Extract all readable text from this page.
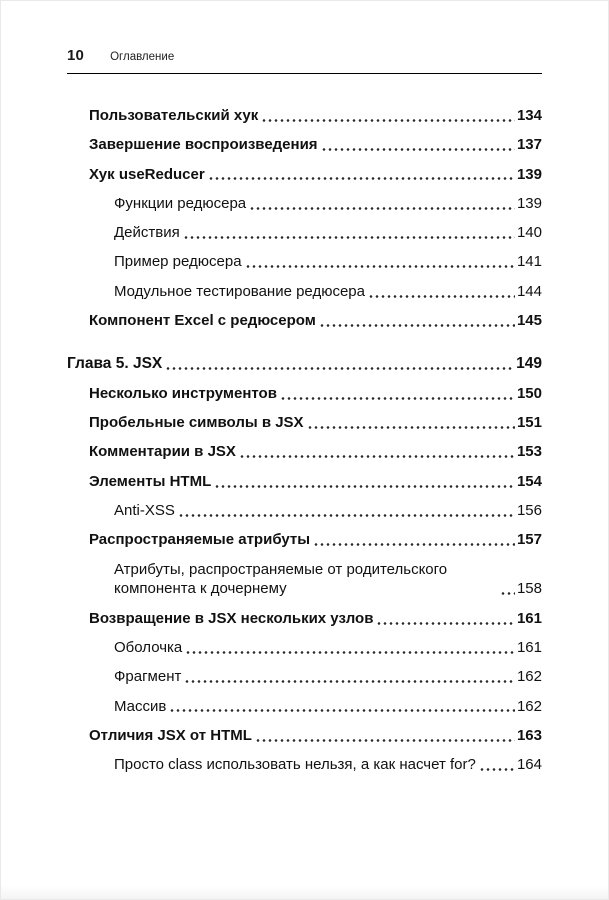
10 Оглавление
Пользовательский хук	134
Завершение воспроизведения	137
Хук useReducer	139
Функции редюсера	139
Действия	140
Пример редюсера	141
Модульное тестирование редюсера	144
Компонент Excel с редюсером	145
Глава 5. JSX	149
Несколько инструментов	150
Пробельные символы в JSX	151
Комментарии в JSX	153
Элементы HTML	154
Anti-XSS	156
Распространяемые атрибуты	157
Атрибуты, распространяемые от родительского компонента к дочернему	158
Возвращение в JSX нескольких узлов	161
Оболочка	161
Фрагмент	162
Массив	162
Отличия JSX от HTML	163
Просто class использовать нельзя, а как насчет for?	164
